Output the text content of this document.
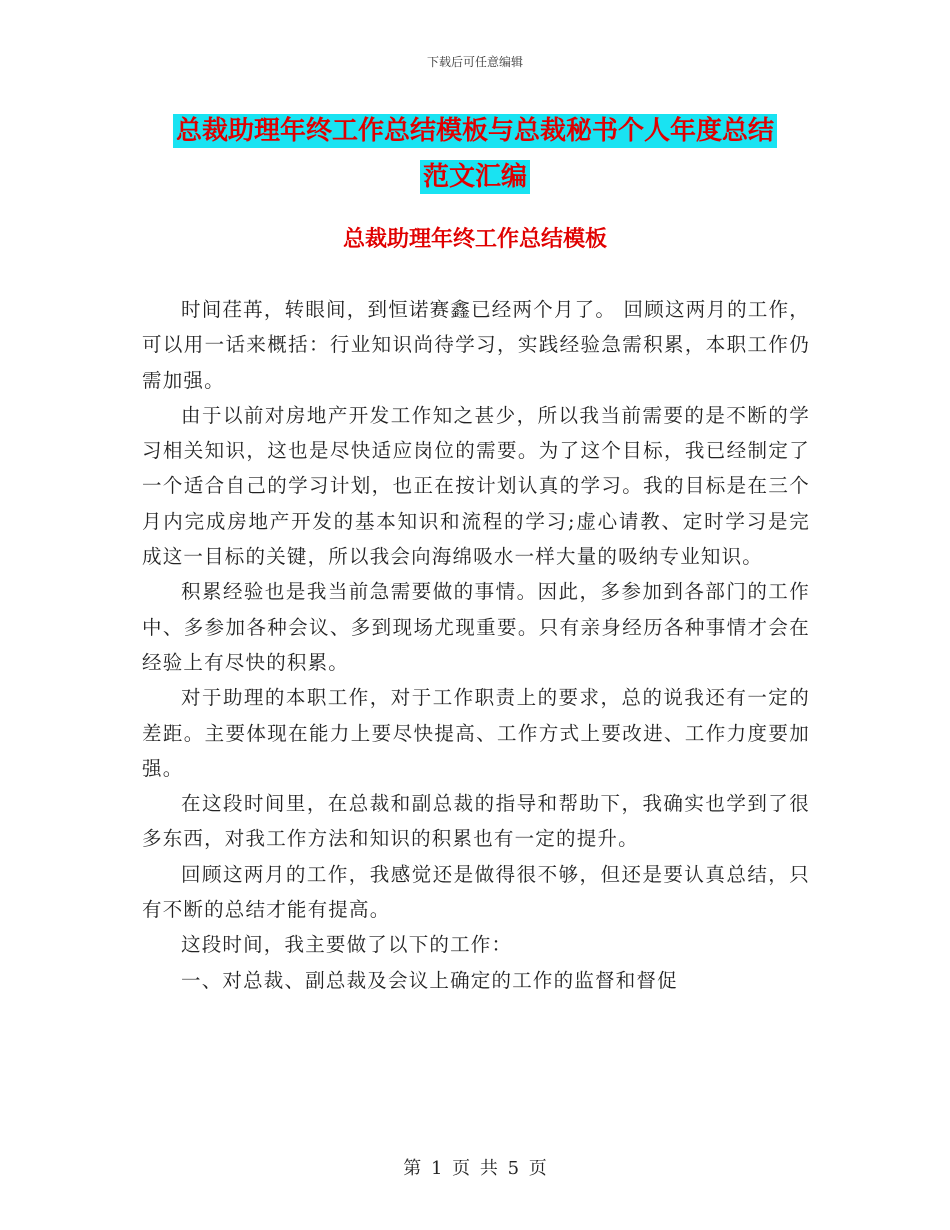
下载后可任意编辑
总裁助理年终工作总结模板与总裁秘书个人年度总结
范文汇编
总裁助理年终工作总结模板

时间荏苒，转眼间，到恒诺赛鑫已经两个月了。 回顾这两月的工作，可以用一话来概括：行业知识尚待学习，实践经验急需积累，本职工作仍需加强。

由于以前对房地产开发工作知之甚少，所以我当前需要的是不断的学习相关知识，这也是尽快适应岗位的需要。为了这个目标，我已经制定了一个适合自己的学习计划，也正在按计划认真的学习。我的目标是在三个月内完成房地产开发的基本知识和流程的学习;虚心请教、定时学习是完成这一目标的关键，所以我会向海绵吸水一样大量的吸纳专业知识。

积累经验也是我当前急需要做的事情。因此，多参加到各部门的工作中、多参加各种会议、多到现场尤现重要。只有亲身经历各种事情才会在经验上有尽快的积累。

对于助理的本职工作，对于工作职责上的要求，总的说我还有一定的差距。主要体现在能力上要尽快提高、工作方式上要改进、工作力度要加强。

在这段时间里，在总裁和副总裁的指导和帮助下，我确实也学到了很多东西，对我工作方法和知识的积累也有一定的提升。

回顾这两月的工作，我感觉还是做得很不够，但还是要认真总结，只有不断的总结才能有提高。

这段时间，我主要做了以下的工作：

一、对总裁、副总裁及会议上确定的工作的监督和督促

第 1 页 共 5 页
